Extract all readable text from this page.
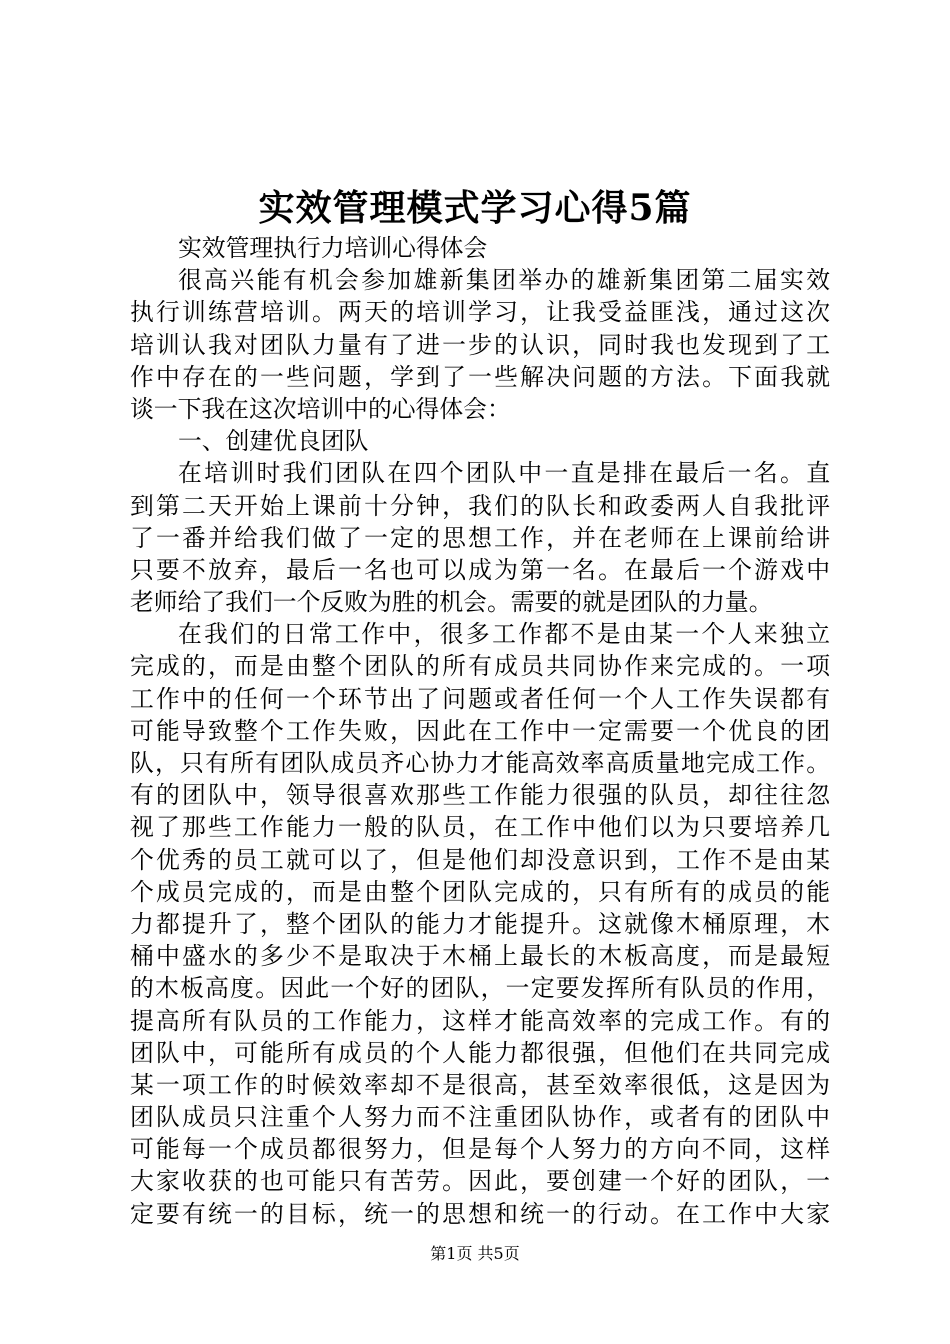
实效管理模式学习心得5篇
实效管理执行力培训心得体会
很高兴能有机会参加雄新集团举办的雄新集团第二届实效
执行训练营培训。两天的培训学习，让我受益匪浅，通过这次
培训认我对团队力量有了进一步的认识，同时我也发现到了工
作中存在的一些问题，学到了一些解决问题的方法。下面我就
谈一下我在这次培训中的心得体会：
一、创建优良团队
在培训时我们团队在四个团队中一直是排在最后一名。直
到第二天开始上课前十分钟，我们的队长和政委两人自我批评
了一番并给我们做了一定的思想工作，并在老师在上课前给讲
只要不放弃，最后一名也可以成为第一名。在最后一个游戏中
老师给了我们一个反败为胜的机会。需要的就是团队的力量。
在我们的日常工作中，很多工作都不是由某一个人来独立
完成的，而是由整个团队的所有成员共同协作来完成的。一项
工作中的任何一个环节出了问题或者任何一个人工作失误都有
可能导致整个工作失败，因此在工作中一定需要一个优良的团
队，只有所有团队成员齐心协力才能高效率高质量地完成工作。
有的团队中，领导很喜欢那些工作能力很强的队员，却往往忽
视了那些工作能力一般的队员，在工作中他们以为只要培养几
个优秀的员工就可以了，但是他们却没意识到，工作不是由某
个成员完成的，而是由整个团队完成的，只有所有的成员的能
力都提升了，整个团队的能力才能提升。这就像木桶原理，木
桶中盛水的多少不是取决于木桶上最长的木板高度，而是最短
的木板高度。因此一个好的团队，一定要发挥所有队员的作用，
提高所有队员的工作能力，这样才能高效率的完成工作。有的
团队中，可能所有成员的个人能力都很强，但他们在共同完成
某一项工作的时候效率却不是很高，甚至效率很低，这是因为
团队成员只注重个人努力而不注重团队协作，或者有的团队中
可能每一个成员都很努力，但是每个人努力的方向不同，这样
大家收获的也可能只有苦劳。因此，要创建一个好的团队，一
定要有统一的目标，统一的思想和统一的行动。在工作中大家
第1页 共5页
